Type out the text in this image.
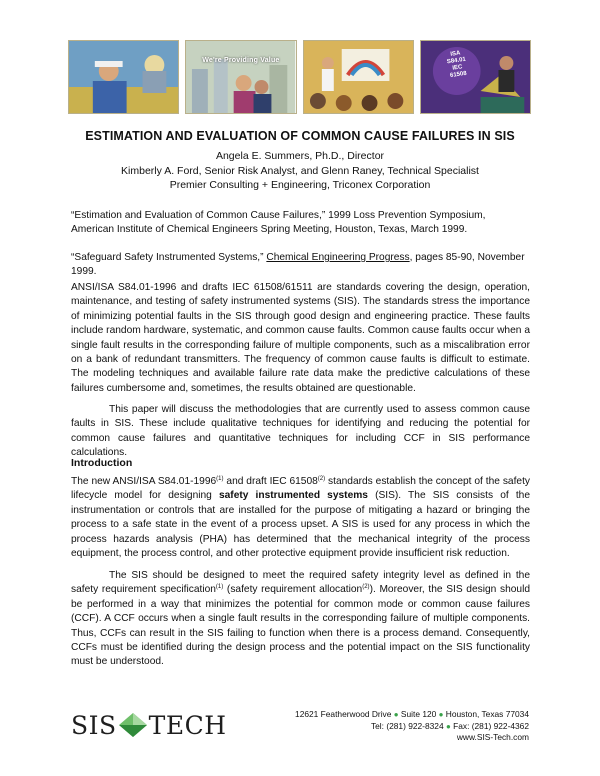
We're Providing Value
ISA S84.01 IEC 61508
ESTIMATION AND EVALUATION OF COMMON CAUSE FAILURES IN SIS
Angela E. Summers, Ph.D., Director
Kimberly A. Ford, Senior Risk Analyst, and Glenn Raney, Technical Specialist
Premier Consulting + Engineering, Triconex Corporation
“Estimation and Evaluation of Common Cause Failures,” 1999 Loss Prevention Symposium, American Institute of Chemical Engineers Spring Meeting, Houston, Texas, March 1999.
“Safeguard Safety Instrumented Systems,” Chemical Engineering Progress, pages 85-90, November 1999.
ANSI/ISA S84.01-1996 and drafts IEC 61508/61511 are standards covering the design, operation, maintenance, and testing of safety instrumented systems (SIS). The standards stress the importance of minimizing potential faults in the SIS through good design and engineering practice. These faults include random hardware, systematic, and common cause faults. Common cause faults occur when a single fault results in the corresponding failure of multiple components, such as a miscalibration error on a bank of redundant transmitters. The frequency of common cause faults is difficult to estimate. The modeling techniques and available failure rate data make the predictive calculations of these failures cumbersome and, sometimes, the results obtained are questionable.
This paper will discuss the methodologies that are currently used to assess common cause faults in SIS. These include qualitative techniques for identifying and reducing the potential for common cause failures and quantitative techniques for including CCF in SIS performance calculations.
Introduction
The new ANSI/ISA S84.01-1996$^{(1)}$ and draft IEC 61508$^{(2)}$ standards establish the concept of the safety lifecycle model for designing safety instrumented systems (SIS). The SIS consists of the instrumentation or controls that are installed for the purpose of mitigating a hazard or bringing the process to a safe state in the event of a process upset. A SIS is used for any process in which the process hazards analysis (PHA) has determined that the mechanical integrity of the process equipment, the process control, and other protective equipment provide insufficient risk reduction.
The SIS should be designed to meet the required safety integrity level as defined in the safety requirement specification$^{(1)}$ (safety requirement allocation$^{(2)}$). Moreover, the SIS design should be performed in a way that minimizes the potential for common mode or common cause failures (CCF). A CCF occurs when a single fault results in the corresponding failure of multiple components. Thus, CCFs can result in the SIS failing to function when there is a process demand. Consequently, CCFs must be identified during the design process and the potential impact on the SIS functionality must be understood.
SIS TECH	12621 Featherwood Drive ● Suite 120 ● Houston, Texas 77034
Tel: (281) 922-8324 ● Fax: (281) 922-4362
www.SIS-Tech.com
